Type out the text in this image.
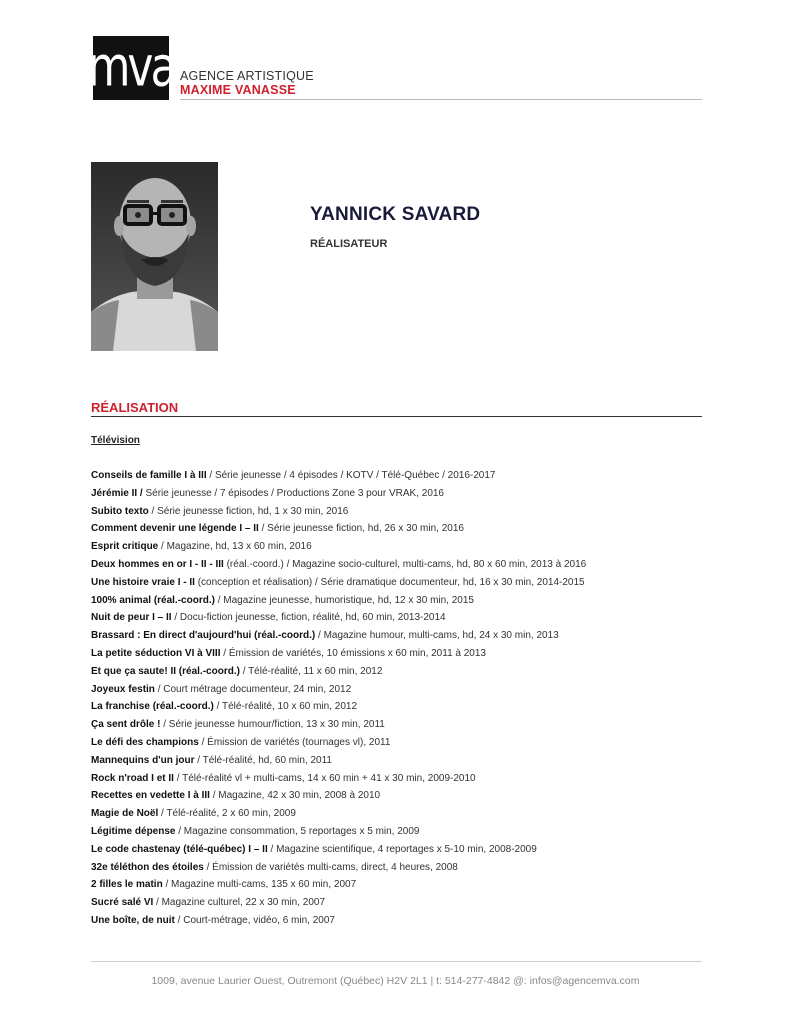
mva AGENCE ARTISTIQUE
MAXIME VANASSE
YANNICK SAVARD
RÉALISATEUR
RÉALISATION
Télévision
Conseils de famille I à III / Série jeunesse / 4 épisodes / KOTV / Télé-Québec / 2016-2017
Jérémie II / Série jeunesse / 7 épisodes / Productions Zone 3 pour VRAK, 2016
Subito texto / Série jeunesse fiction, hd, 1 x 30 min, 2016
Comment devenir une légende I – II / Série jeunesse fiction, hd, 26 x 30 min, 2016
Esprit critique / Magazine, hd, 13 x 60 min, 2016
Deux hommes en or I - II - III (réal.-coord.) / Magazine socio-culturel, multi-cams, hd, 80 x 60 min, 2013 à 2016
Une histoire vraie I - II (conception et réalisation) / Série dramatique documenteur, hd, 16 x 30 min, 2014-2015
100% animal (réal.-coord.) / Magazine jeunesse, humoristique, hd, 12 x 30 min, 2015
Nuit de peur I – II / Docu-fiction jeunesse, fiction, réalité, hd, 60 min, 2013-2014
Brassard : En direct d'aujourd'hui (réal.-coord.) / Magazine humour, multi-cams, hd, 24 x 30 min, 2013
La petite séduction VI à VIII / Émission de variétés, 10 émissions x 60 min, 2011 à 2013
Et que ça saute! II (réal.-coord.) / Télé-réalité, 11 x 60 min, 2012
Joyeux festin / Court métrage documenteur, 24 min, 2012
La franchise (réal.-coord.) / Télé-réalité, 10 x 60 min, 2012
Ça sent drôle ! / Série jeunesse humour/fiction, 13 x 30 min, 2011
Le défi des champions / Émission de variétés (tournages vl), 2011
Mannequins d'un jour / Télé-réalité, hd, 60 min, 2011
Rock n'road I et II / Télé-réalité vl + multi-cams, 14 x 60 min + 41 x 30 min, 2009-2010
Recettes en vedette I à III / Magazine, 42 x 30 min, 2008 à 2010
Magie de Noël / Télé-réalité, 2 x 60 min, 2009
Légitime dépense / Magazine consommation, 5 reportages x 5 min, 2009
Le code chastenay (télé-québec) I – II / Magazine scientifique, 4 reportages x 5-10 min, 2008-2009
32e téléthon des étoiles / Émission de variétés multi-cams, direct, 4 heures, 2008
2 filles le matin / Magazine multi-cams, 135 x 60 min, 2007
Sucré salé VI / Magazine culturel, 22 x 30 min, 2007
Une boîte, de nuit / Court-métrage, vidéo, 6 min, 2007
1009, avenue Laurier Ouest, Outremont (Québec) H2V 2L1 | t: 514-277-4842 @: infos@agencemva.com
